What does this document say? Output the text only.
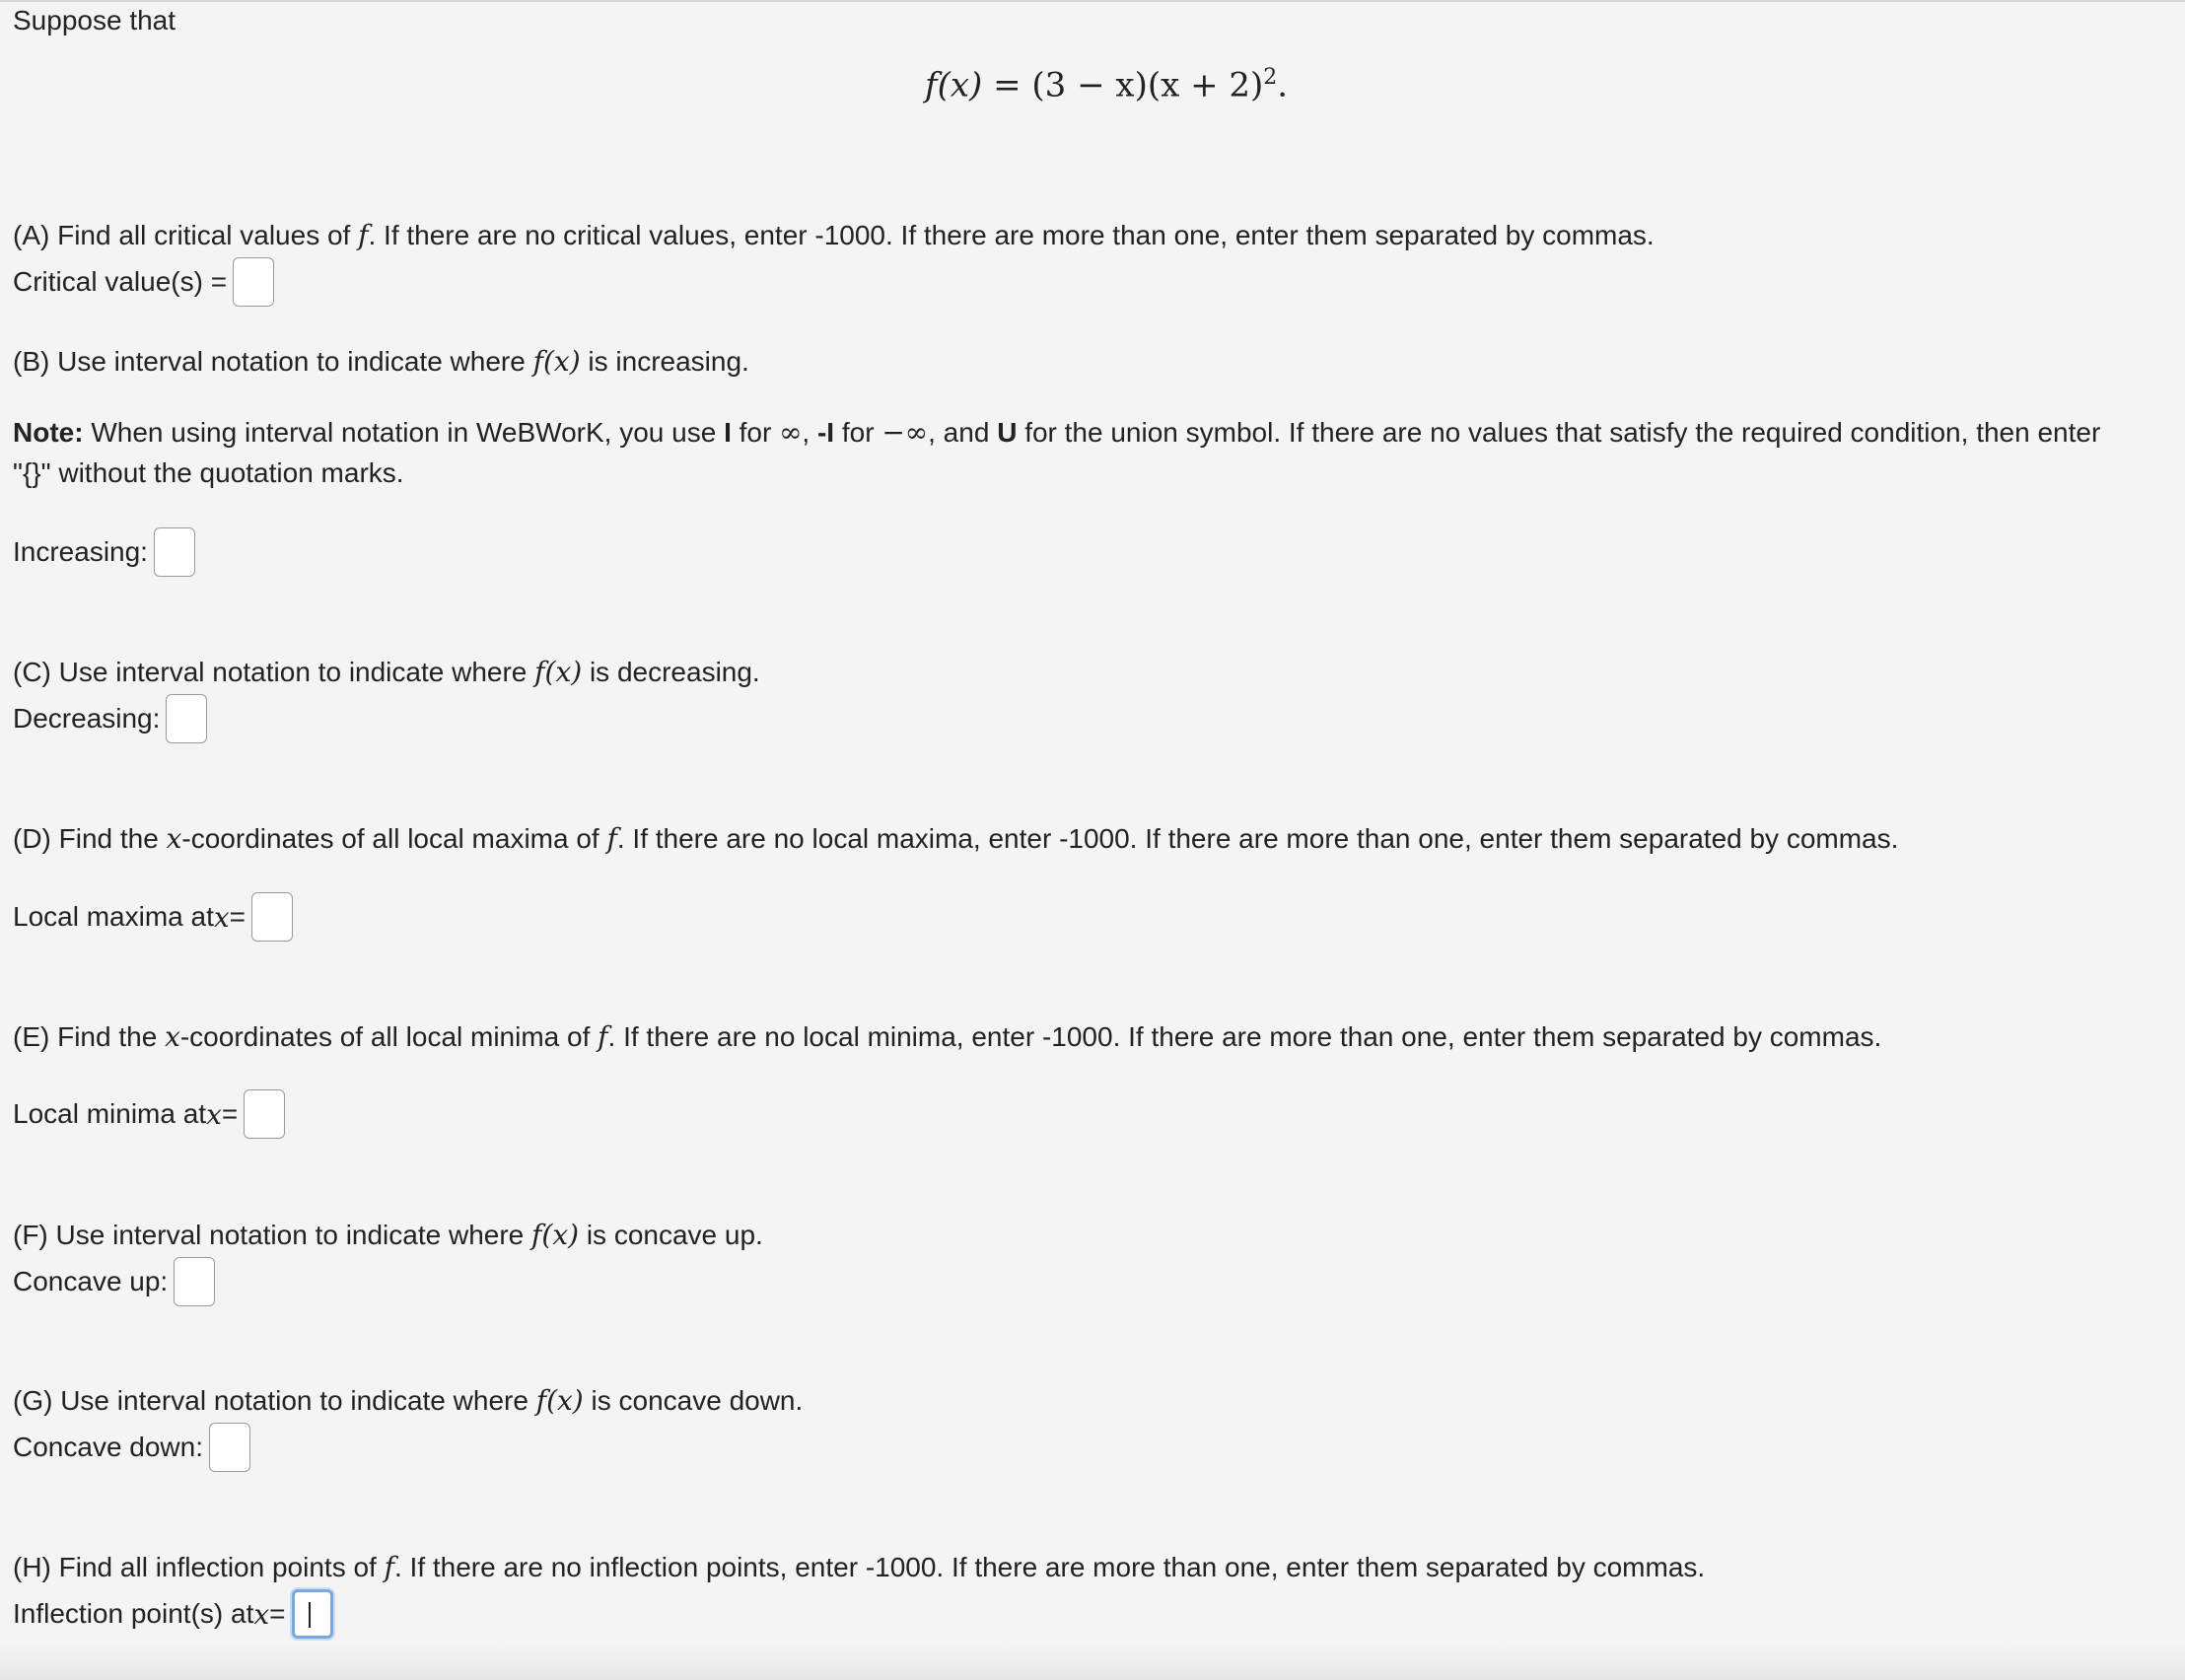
Suppose that
$f(x) = (3 - x)(x + 2)^2$.
(A) Find all critical values of f. If there are no critical values, enter -1000. If there are more than one, enter them separated by commas.
Critical value(s) =
(B) Use interval notation to indicate where f(x) is increasing.
Note: When using interval notation in WeBWorK, you use I for ∞, -I for −∞, and U for the union symbol. If there are no values that satisfy the required condition, then enter
"{}" without the quotation marks.
Increasing:
(C) Use interval notation to indicate where f(x) is decreasing.
Decreasing:
(D) Find the x-coordinates of all local maxima of f. If there are no local maxima, enter -1000. If there are more than one, enter them separated by commas.
Local maxima at x =
(E) Find the x-coordinates of all local minima of f. If there are no local minima, enter -1000. If there are more than one, enter them separated by commas.
Local minima at x =
(F) Use interval notation to indicate where f(x) is concave up.
Concave up:
(G) Use interval notation to indicate where f(x) is concave down.
Concave down:
(H) Find all inflection points of f. If there are no inflection points, enter -1000. If there are more than one, enter them separated by commas.
Inflection point(s) at x =
